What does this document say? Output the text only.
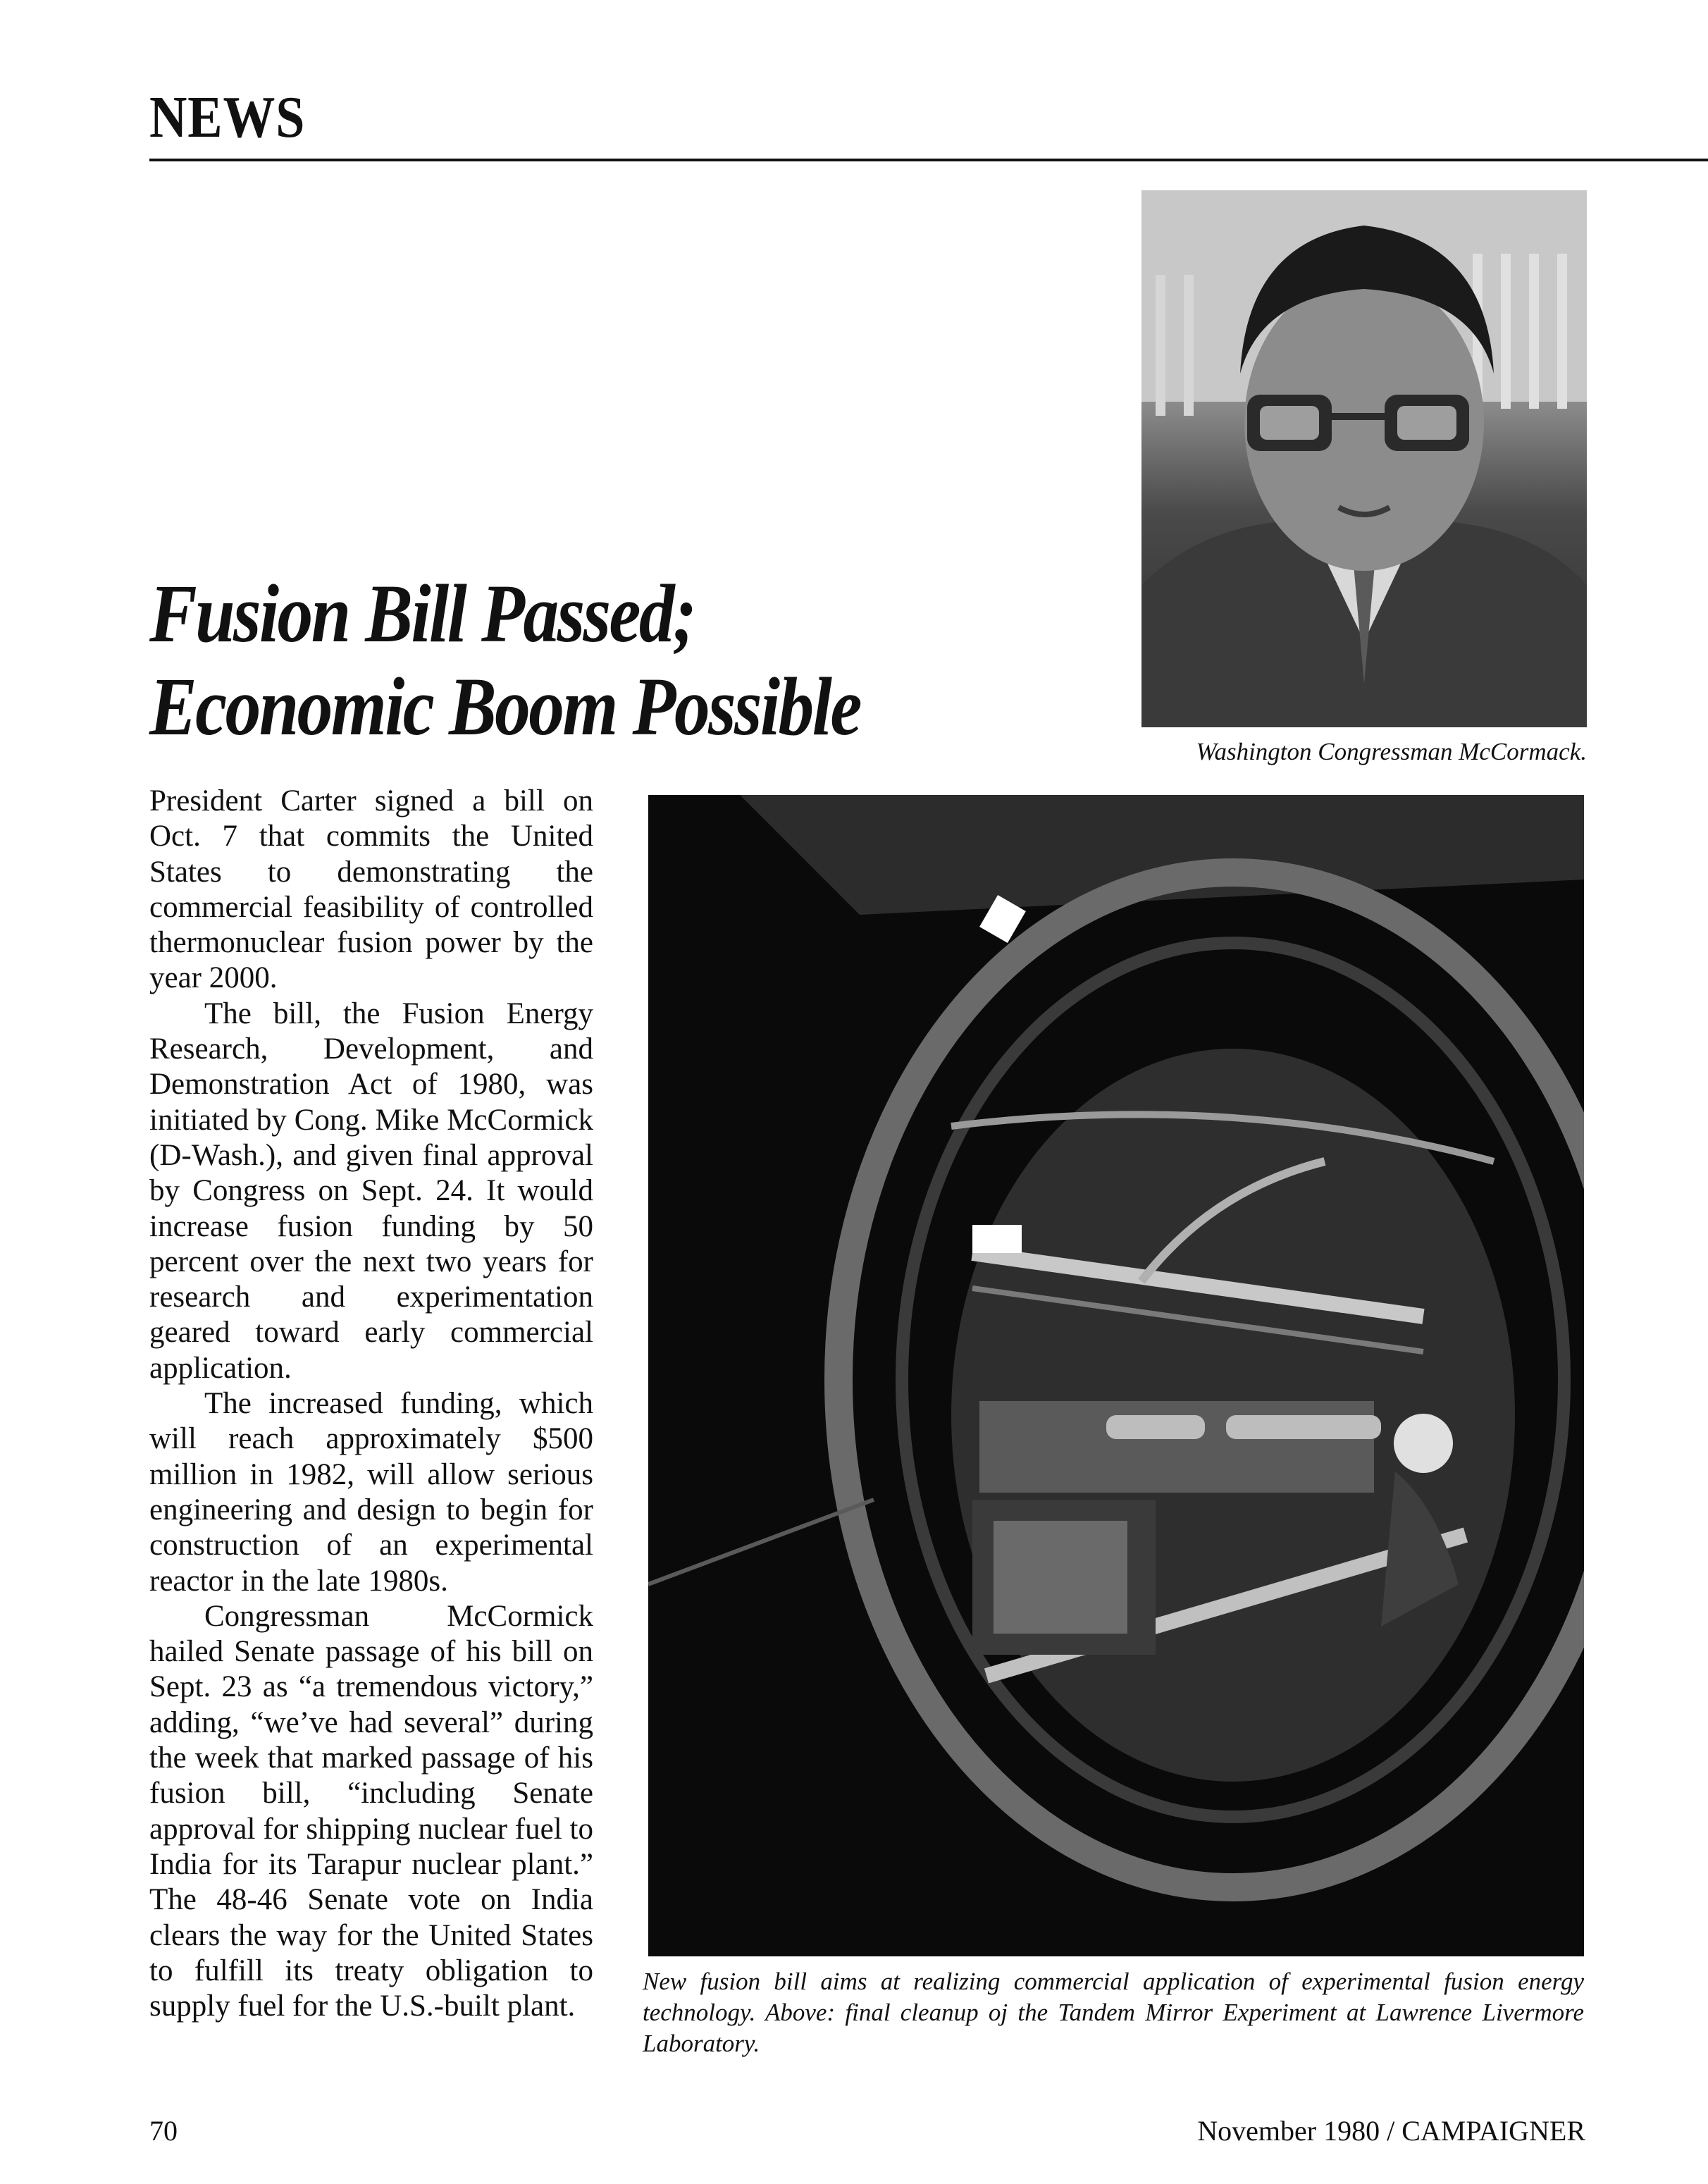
NEWS
Fusion Bill Passed;
Economic Boom Possible	Washington Congressman McCormack.

President Carter signed a bill on Oct. 7 that commits the United States to demonstrating the commercial feasibility of controlled thermonuclear fusion power by the year 2000.

The bill, the Fusion Energy Research, Development, and Demonstration Act of 1980, was initiated by Cong. Mike McCormick (D-Wash.), and given final approval by Congress on Sept. 24. It would increase fusion funding by 50 percent over the next two years for research and experimentation geared toward early commercial application.

The increased funding, which will reach approximately $500 million in 1982, will allow serious engineering and design to begin for construction of an experimental reactor in the late 1980s.

Congressman McCormick hailed Senate passage of his bill on Sept. 23 as “a tremendous victory,” adding, “we’ve had several” during the week that marked passage of his fusion bill, “including Senate approval for shipping nuclear fuel to India for its Tarapur nuclear plant.” The 48-46 Senate vote on India clears the way for the United States to fulfill its treaty obligation to supply fuel for the U.S.-built plant.

New fusion bill aims at realizing commercial application of experimental fusion energy technology. Above: final cleanup oj the Tandem Mirror Experiment at Lawrence Livermore Laboratory.

70	November 1980 / CAMPAIGNER
